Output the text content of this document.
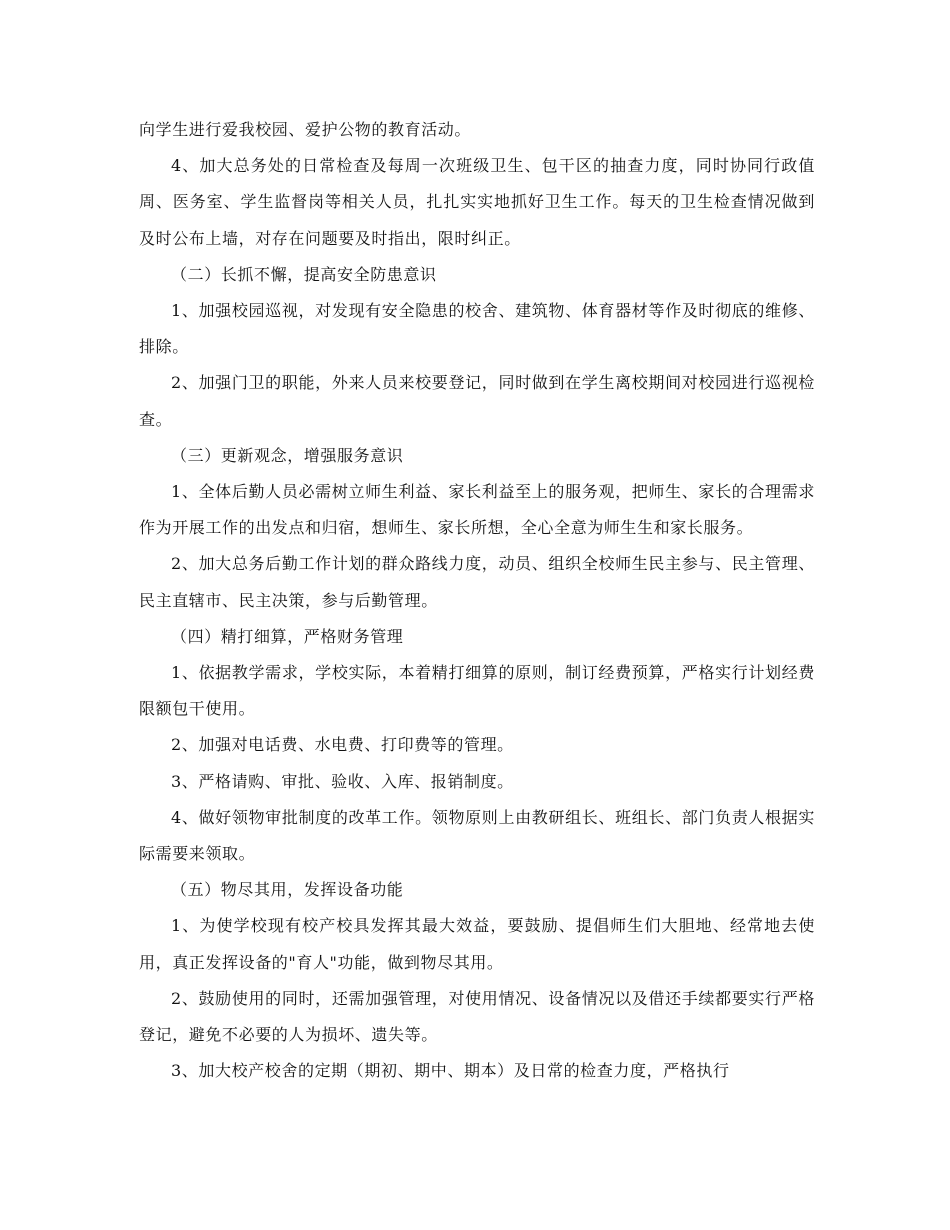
向学生进行爱我校园、爱护公物的教育活动。

4、加大总务处的日常检查及每周一次班级卫生、包干区的抽查力度，同时协同行政值周、医务室、学生监督岗等相关人员，扎扎实实地抓好卫生工作。每天的卫生检查情况做到及时公布上墙，对存在问题要及时指出，限时纠正。

（二）长抓不懈，提高安全防患意识

1、加强校园巡视，对发现有安全隐患的校舍、建筑物、体育器材等作及时彻底的维修、排除。

2、加强门卫的职能，外来人员来校要登记，同时做到在学生离校期间对校园进行巡视检查。

（三）更新观念，增强服务意识

1、全体后勤人员必需树立师生利益、家长利益至上的服务观，把师生、家长的合理需求作为开展工作的出发点和归宿，想师生、家长所想，全心全意为师生生和家长服务。

2、加大总务后勤工作计划的群众路线力度，动员、组织全校师生民主参与、民主管理、民主直辖市、民主决策，参与后勤管理。

（四）精打细算，严格财务管理

1、依据教学需求，学校实际，本着精打细算的原则，制订经费预算，严格实行计划经费限额包干使用。

2、加强对电话费、水电费、打印费等的管理。

3、严格请购、审批、验收、入库、报销制度。

4、做好领物审批制度的改革工作。领物原则上由教研组长、班组长、部门负责人根据实际需要来领取。

（五）物尽其用，发挥设备功能

1、为使学校现有校产校具发挥其最大效益，要鼓励、提倡师生们大胆地、经常地去使用，真正发挥设备的"育人"功能，做到物尽其用。

2、鼓励使用的同时，还需加强管理，对使用情况、设备情况以及借还手续都要实行严格登记，避免不必要的人为损坏、遗失等。

3、加大校产校舍的定期（期初、期中、期本）及日常的检查力度，严格执行
